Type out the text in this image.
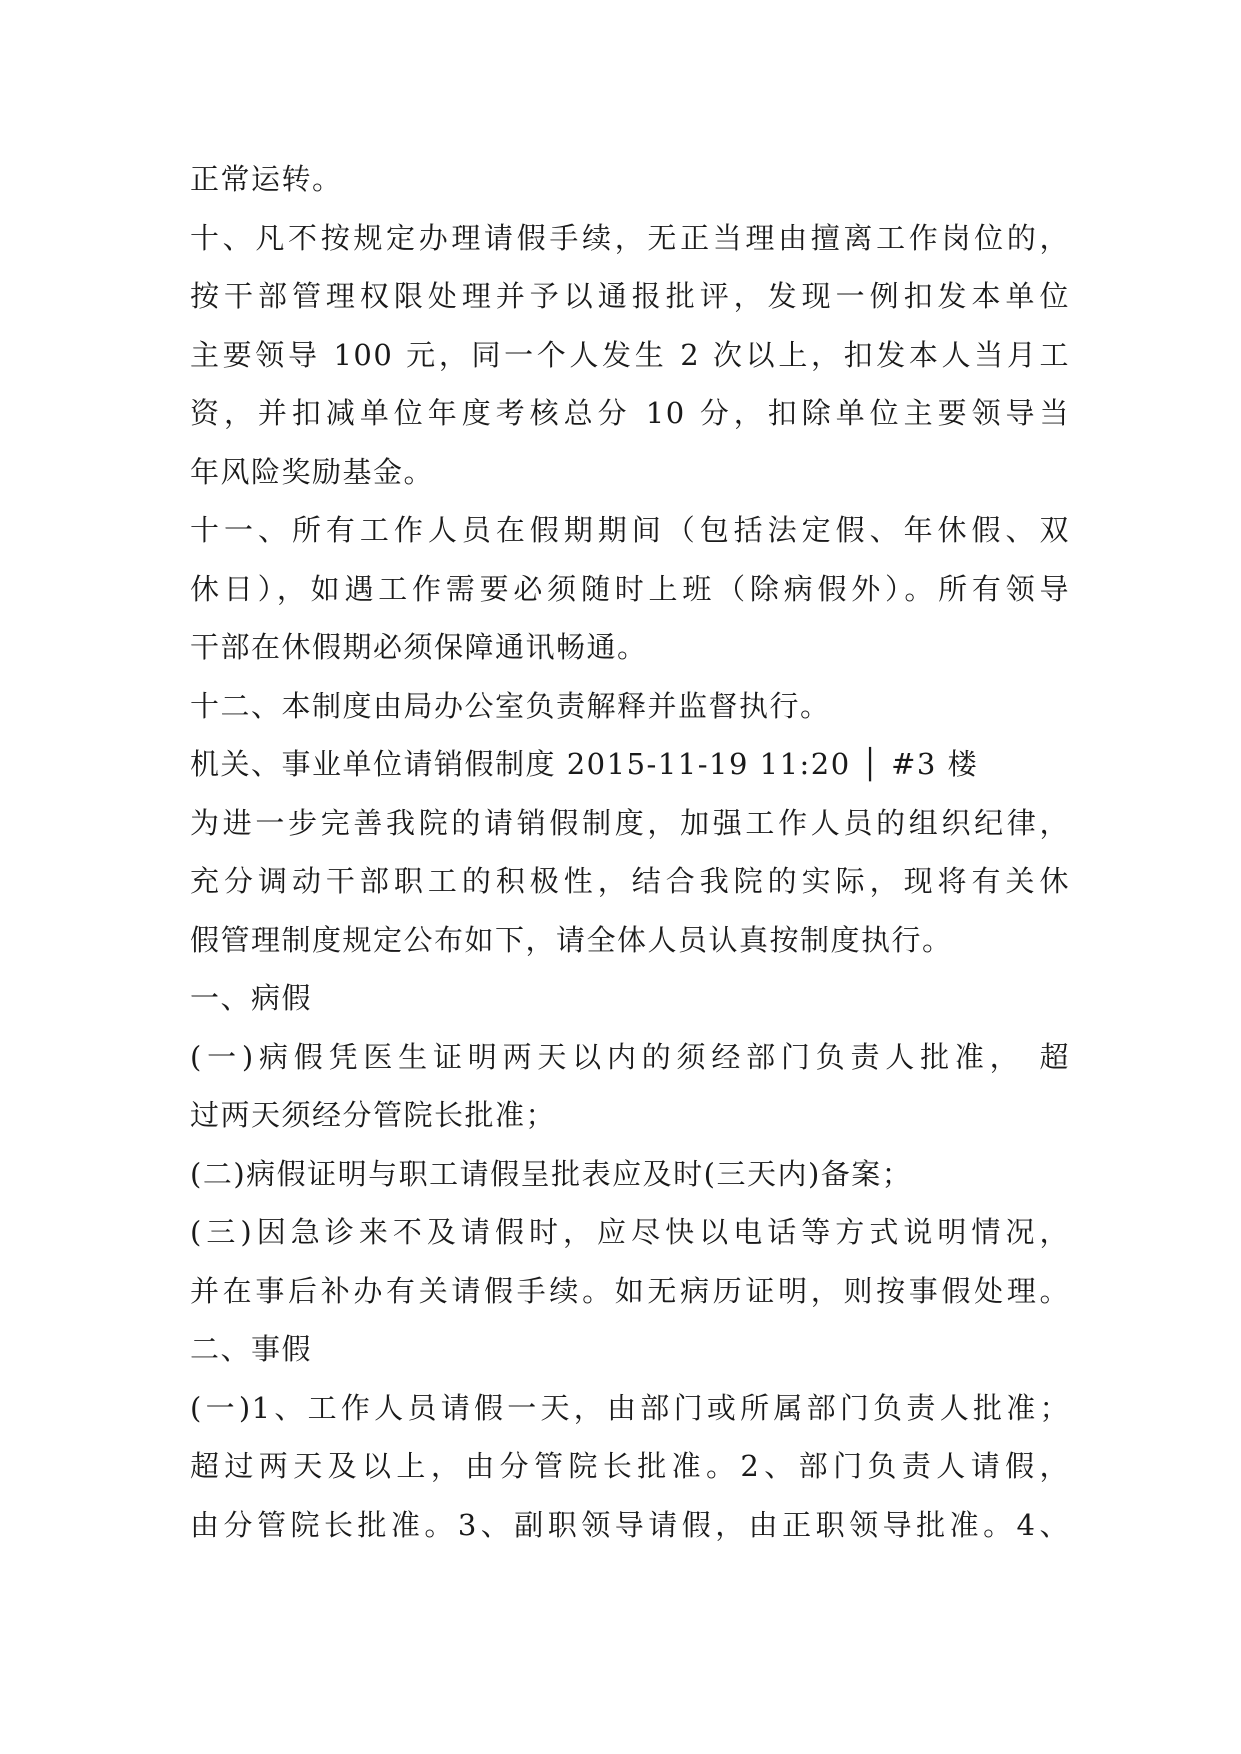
正常运转。
十、凡不按规定办理请假手续，无正当理由擅离工作岗位的，
按干部管理权限处理并予以通报批评，发现一例扣发本单位
主要领导 100 元，同一个人发生 2 次以上，扣发本人当月工
资，并扣减单位年度考核总分 10 分，扣除单位主要领导当
年风险奖励基金。
十一、所有工作人员在假期期间（包括法定假、年休假、双
休日），如遇工作需要必须随时上班（除病假外）。所有领导
干部在休假期必须保障通讯畅通。
十二、本制度由局办公室负责解释并监督执行。
机关、事业单位请销假制度 2015-11-19 11:20 │ #3 楼
为进一步完善我院的请销假制度，加强工作人员的组织纪律，
充分调动干部职工的积极性，结合我院的实际，现将有关休
假管理制度规定公布如下，请全体人员认真按制度执行。
一、病假
(一)病假凭医生证明两天以内的须经部门负责人批准， 超
过两天须经分管院长批准；
(二)病假证明与职工请假呈批表应及时(三天内)备案；
(三)因急诊来不及请假时，应尽快以电话等方式说明情况，
并在事后补办有关请假手续。如无病历证明，则按事假处理。
二、事假
(一)1、工作人员请假一天，由部门或所属部门负责人批准；
超过两天及以上，由分管院长批准。2、部门负责人请假，
由分管院长批准。3、副职领导请假，由正职领导批准。4、
